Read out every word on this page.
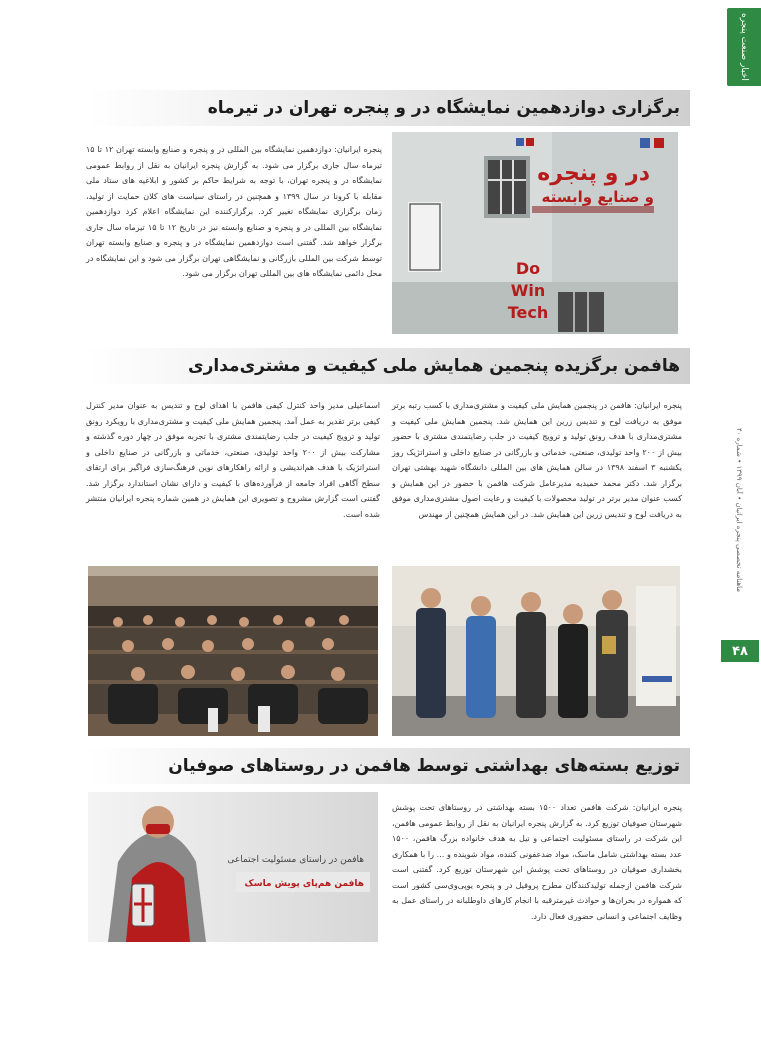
اخبار صنعت پنجره
ماهنامه تخصصی پنجره ایرانیان • آبان ۱۳۹۹ • شماره ۴۰
۴۸
برگزاری دوازدهمین نمایشگاه در و پنجره تهران در تیرماه

پنجره ایرانیان: دوازدهمین نمایشگاه بین المللی در و پنجره و صنایع وابسته تهران ۱۲ تا ۱۵ تیرماه سال جاری برگزار می شود. به گزارش پنجره ایرانیان به نقل از روابط عمومی نمایشگاه در و پنجره تهران، با توجه به شرایط حاکم بر کشور و ابلاغیه های ستاد ملی مقابله با کرونا در سال ۱۳۹۹ و همچنین در راستای سیاست های کلان حمایت از تولید، زمان برگزاری نمایشگاه تغییر کرد. برگزارکننده این نمایشگاه اعلام کرد دوازدهمین نمایشگاه بین المللی در و پنجره و صنایع وابسته نیز در تاریخ ۱۲ تا ۱۵ تیرماه سال جاری برگزار خواهد شد. گفتنی است دوازدهمین نمایشگاه در و پنجره و صنایع وابسته تهران توسط شرکت بین المللی بازرگانی و نمایشگاهی تهران برگزار می شود و این نمایشگاه در محل دائمی نمایشگاه های بین المللی تهران برگزار می شود.

در و پنجره
و صنایع وابسته
Do
Win
Tech
هافمن برگزیده پنجمین همایش ملی کیفیت و مشتری‌مداری

پنجره ایرانیان: هافمن در پنجمین همایش ملی کیفیت و مشتری‌مداری با کسب رتبه برتر موفق به دریافت لوح و تندیس زرین این همایش شد. پنجمین همایش ملی کیفیت و مشتری‌مداری با هدف رونق تولید و ترویج کیفیت در جلب رضایتمندی مشتری با حضور بیش از ۲۰۰ واحد تولیدی، صنعتی، خدماتی و بازرگانی در صنایع داخلی و استراتژیک روز یکشنبه ۳ اسفند ۱۳۹۸ در سالن همایش های بین المللی دانشگاه شهید بهشتی تهران برگزار شد. دکتر محمد حمیدیه مدیرعامل شرکت هافمن با حضور در این همایش و کسب عنوان مدیر برتر در تولید محصولات با کیفیت و رعایت اصول مشتری‌مداری موفق به دریافت لوح و تندیس زرین این همایش شد. در این همایش همچنین از مهندس

اسماعیلی مدیر واحد کنترل کیفی هافمن با اهدای لوح و تندیس به عنوان مدیر کنترل کیفی برتر تقدیر به عمل آمد. پنجمین همایش ملی کیفیت و مشتری‌مداری با رویکرد رونق تولید و ترویج کیفیت در جلب رضایتمندی مشتری با تجربه موفق در چهار دوره گذشته و مشارکت بیش از ۲۰۰ واحد تولیدی، صنعتی، خدماتی و بازرگانی در صنایع داخلی و استراتژیک با هدف هم‌اندیشی و ارائه راهکارهای نوین فرهنگ‌سازی فراگیر برای ارتقای سطح آگاهی افراد جامعه از فرآورده‌های با کیفیت و دارای نشان استاندارد برگزار شد. گفتنی است گزارش مشروح و تصویری این همایش در همین شماره پنجره ایرانیان منتشر شده است.

توزیع بسته‌های بهداشتی توسط هافمن در روستاهای صوفیان

پنجره ایرانیان: شرکت هافمن تعداد ۱۵۰۰ بسته بهداشتی در روستاهای تحت پوشش شهرستان صوفیان توزیع کرد. به گزارش پنجره ایرانیان به نقل از روابط عمومی هافمن، این شرکت در راستای مسئولیت اجتماعی و نیل به هدف خانواده بزرگ هافمن، ۱۵۰۰ عدد بسته بهداشتی شامل ماسک، مواد ضدعفونی کننده، مواد شوینده و ... را با همکاری بخشداری صوفیان در روستاهای تحت پوشش این شهرستان توزیع کرد. گفتنی است شرکت هافمن ازجمله تولیدکنندگان مطرح پروفیل در و پنجره یوپی‌وی‌سی کشور است که همواره در بحران‌ها و حوادث غیرمترقبه با انجام کارهای داوطلبانه در راستای عمل به وظایف اجتماعی و انسانی حضوری فعال دارد.

هافمن در راستای مسئولیت اجتماعی
هافمن هم‌پای پویش ماسک
